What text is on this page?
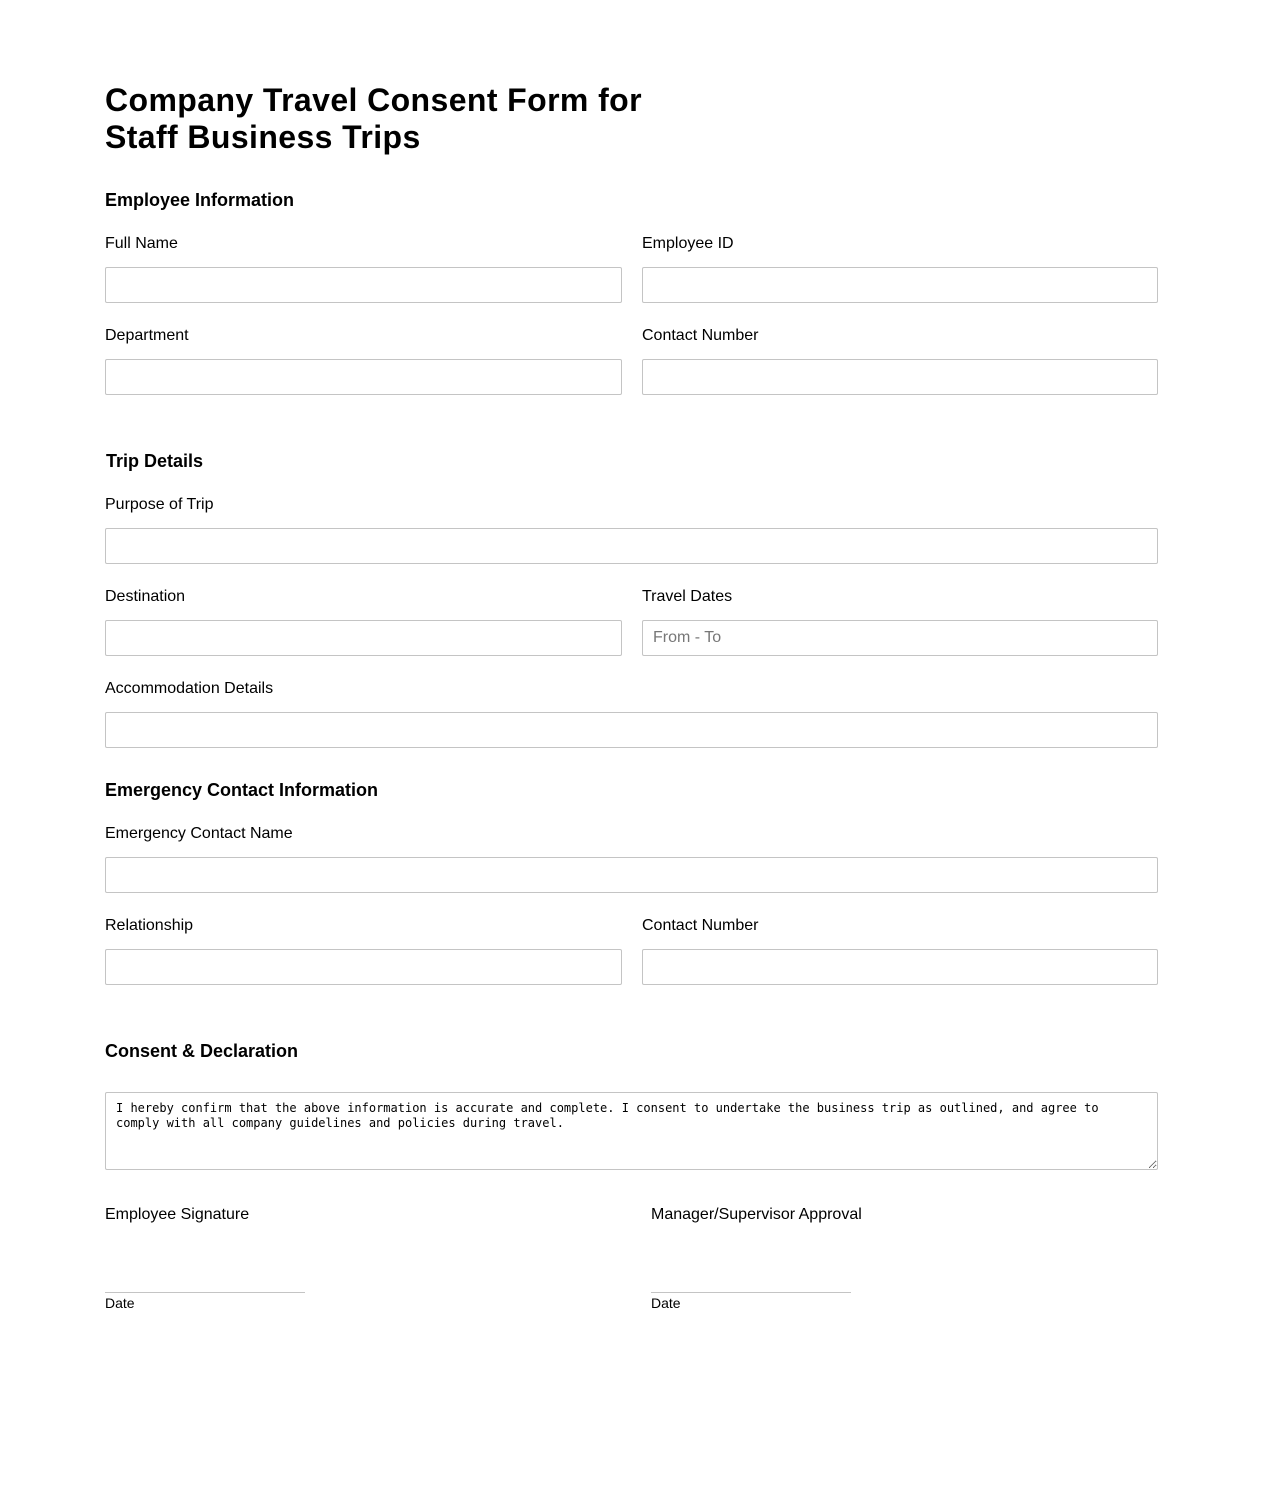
Company Travel Consent Form for Staff Business Trips
Employee Information
Full Name	Employee ID
Department	Contact Number
Trip Details
Purpose of Trip
Destination	Travel Dates
From - To
Accommodation Details
Emergency Contact Information
Emergency Contact Name
Relationship	Contact Number
Consent & Declaration
I hereby confirm that the above information is accurate and complete. I consent to undertake the business trip as outlined, and agree to comply with all company guidelines and policies during travel.
Employee Signature	Manager/Supervisor Approval
Date	Date
